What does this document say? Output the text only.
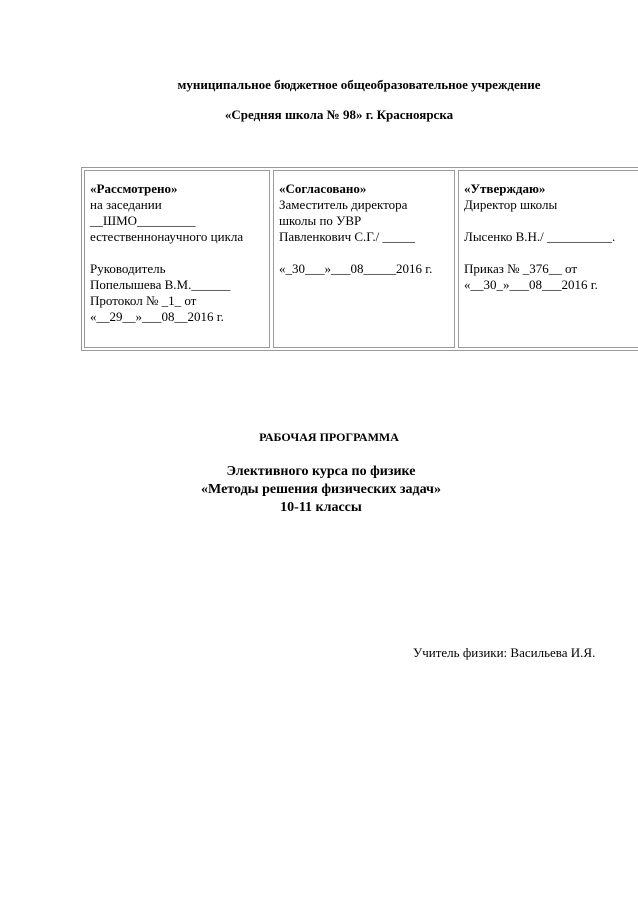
муниципальное бюджетное общеобразовательное учреждение
«Средняя школа № 98» г. Красноярска
«Рассмотрено»
на заседании
__ШМО_________
естественнонаучного цикла
Руководитель
Попелышева В.М.______
Протокол № _1_ от
«__29__»___08__2016 г.
«Согласовано»
Заместитель директора
школы по УВР
Павленкович С.Г./ _____
«_30___»___08_____2016 г.
«Утверждаю»
Директор школы
Лысенко В.Н./ __________.
Приказ № _376__ от
«__30_»___08___2016 г.
РАБОЧАЯ ПРОГРАММА
Элективного курса по физике
«Методы решения физических задач»
10-11 классы
Учитель физики: Васильева И.Я.
